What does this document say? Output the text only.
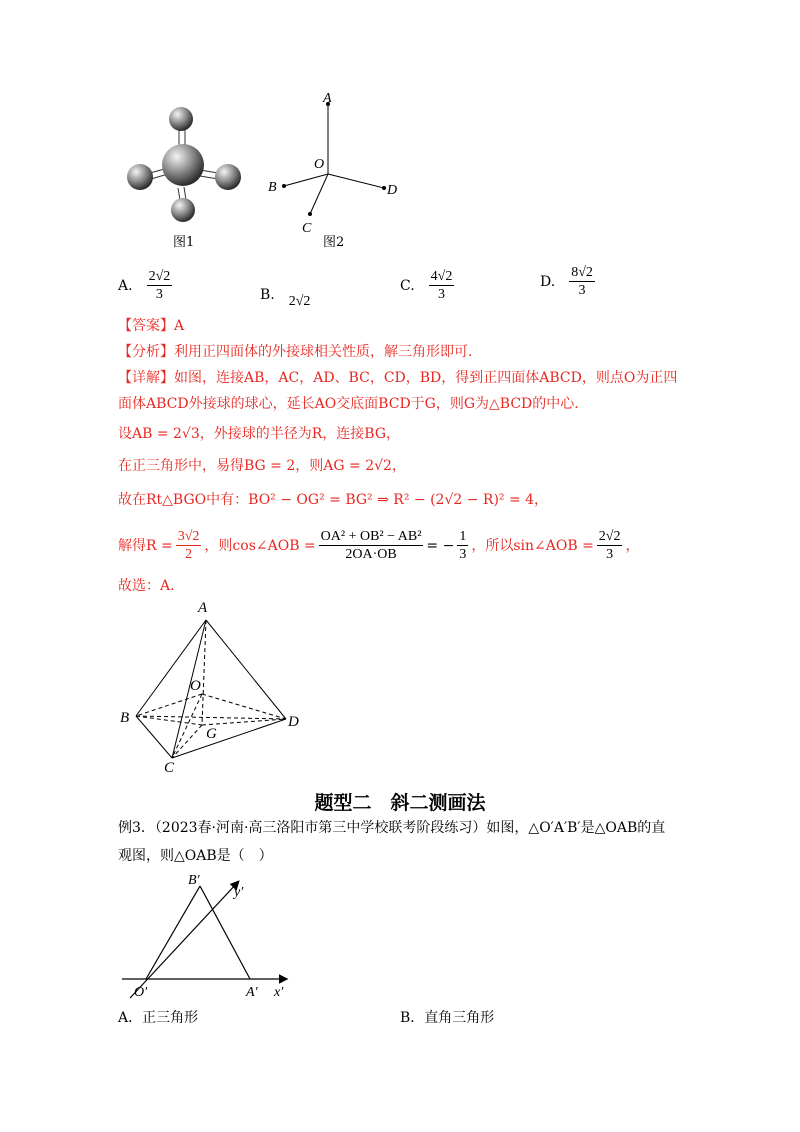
图1
A
O
B	D
C
图2
A. $\frac{2√2}{3}$	B. 2√2
C. $\frac{4√2}{3}$	D. $\frac{8√2}{3}$
【答案】A
【分析】利用正四面体的外接球相关性质，解三角形即可.
【详解】如图，连接AB，AC，AD、BC，CD，BD，得到正四面体ABCD，则点O为正四
面体ABCD外接球的球心，延长AO交底面BCD于G，则G为△BCD的中心.
设AB = 2√3，外接球的半径为R，连接BG，
在正三角形中，易得BG = 2，则AG = 2√2，
故在Rt△BGO中有：BO² − OG² = BG² ⇒ R² − (2√2 − R)² = 4，
解得$R = \frac{3√2}{2}$ ，则cos∠AOB = $\frac{\text{OA² + OB² − AB²}}{2OA\cdot OB}$ = − $\frac{1}{3}$ ，所以sin∠AOB = $\frac{2√2}{3}$ ，
故选：A.
A
O
B
G
D
C
题型二　斜二测画法
例3．（2023春·河南·高三洛阳市第三中学校联考阶段练习）如图，△O′A′B′是△OAB的直
观图，则△OAB是（　）
B′
y′
O′	A′ x′
A．正三角形	B．直角三角形
